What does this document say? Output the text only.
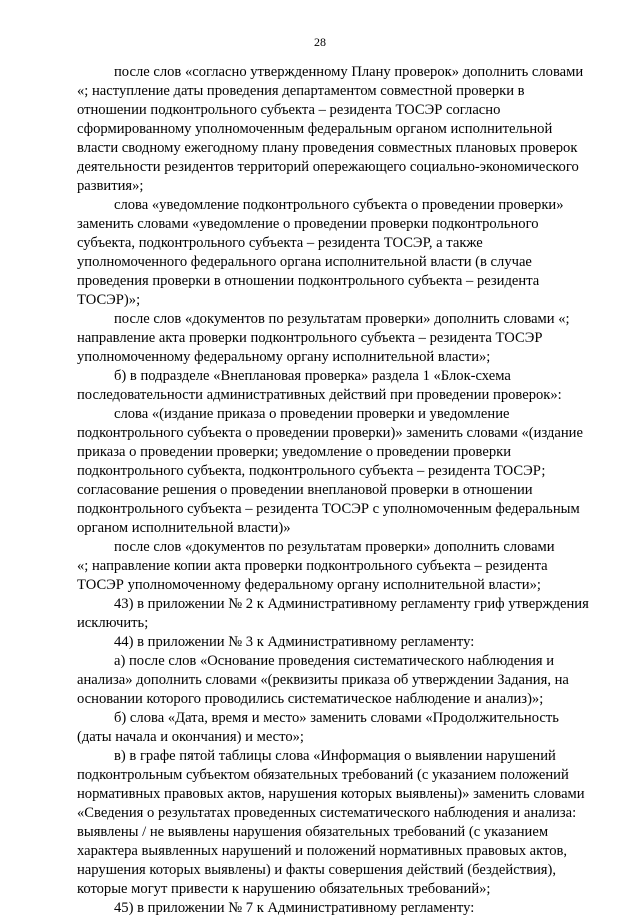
28

после слов «согласно утвержденному Плану проверок» дополнить словами
«; наступление даты проведения департаментом совместной проверки в
отношении подконтрольного субъекта – резидента ТОСЭР согласно
сформированному уполномоченным федеральным органом исполнительной
власти сводному ежегодному плану проведения совместных плановых проверок
деятельности резидентов территорий опережающего социально-экономического
развития»;

слова «уведомление подконтрольного субъекта о проведении проверки»
заменить словами «уведомление о проведении проверки подконтрольного
субъекта, подконтрольного субъекта – резидента ТОСЭР, а также
уполномоченного федерального органа исполнительной власти (в случае
проведения проверки в отношении подконтрольного субъекта – резидента
ТОСЭР)»;

после слов «документов по результатам проверки» дополнить словами «;
направление акта проверки подконтрольного субъекта – резидента ТОСЭР
уполномоченному федеральному органу исполнительной власти»;

б) в подразделе «Внеплановая проверка» раздела 1 «Блок-схема
последовательности административных действий при проведении проверок»:

слова «(издание приказа о проведении проверки и уведомление
подконтрольного субъекта о проведении проверки)» заменить словами «(издание
приказа о проведении проверки; уведомление о проведении проверки
подконтрольного субъекта, подконтрольного субъекта – резидента ТОСЭР;
согласование решения о проведении внеплановой проверки в отношении
подконтрольного субъекта – резидента ТОСЭР с уполномоченным федеральным
органом исполнительной власти)»

после слов «документов по результатам проверки» дополнить словами
«; направление копии акта проверки подконтрольного субъекта – резидента
ТОСЭР уполномоченному федеральному органу исполнительной власти»;

43) в приложении № 2 к Административному регламенту гриф утверждения
исключить;

44) в приложении № 3 к Административному регламенту:

а) после слов «Основание проведения систематического наблюдения и
анализа» дополнить словами «(реквизиты приказа об утверждении Задания, на
основании которого проводились систематическое наблюдение и анализ)»;

б) слова «Дата, время и место» заменить словами «Продолжительность
(даты начала и окончания) и место»;

в) в графе пятой таблицы слова «Информация о выявлении нарушений
подконтрольным субъектом обязательных требований (с указанием положений
нормативных правовых актов, нарушения которых выявлены)» заменить словами
«Сведения о результатах проведенных систематического наблюдения и анализа:
выявлены / не выявлены нарушения обязательных требований (с указанием
характера выявленных нарушений и положений нормативных правовых актов,
нарушения которых выявлены) и факты совершения действий (бездействия),
которые могут привести к нарушению обязательных требований»;

45) в приложении № 7 к Административному регламенту:
